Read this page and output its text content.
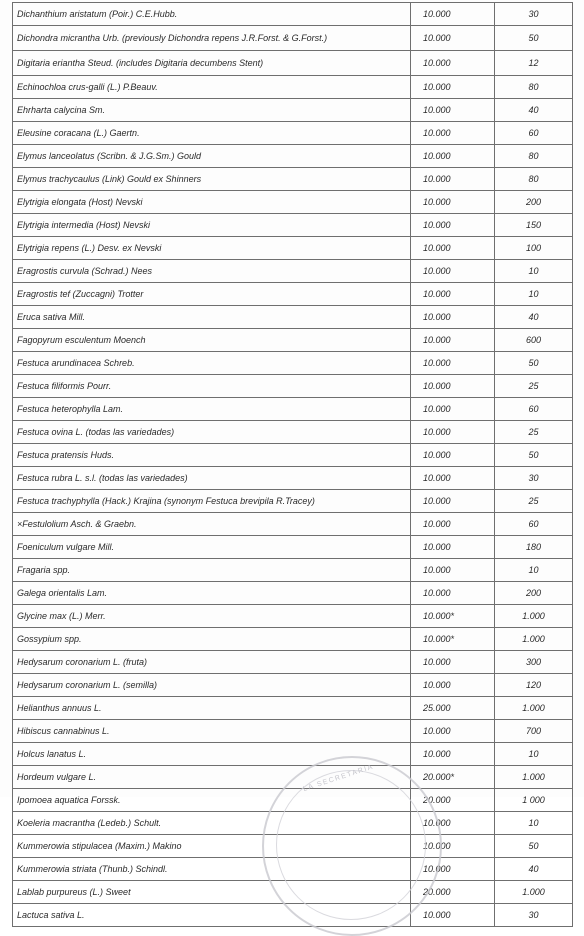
Dichanthium aristatum (Poir.) C.E.Hubb.	10.000	30
Dichondra micrantha Urb. (previously Dichondra repens J.R.Forst. & G.Forst.)	10.000	50
Digitaria eriantha Steud. (includes Digitaria decumbens Stent)	10.000	12
Echinochloa crus-galli (L.) P.Beauv.	10.000	80
Ehrharta calycina Sm.	10.000	40
Eleusine coracana (L.) Gaertn.	10.000	60
Elymus lanceolatus (Scribn. & J.G.Sm.) Gould	10.000	80
Elymus trachycaulus (Link) Gould ex Shinners	10.000	80
Elytrigia elongata (Host) Nevski	10.000	200
Elytrigia intermedia (Host) Nevski	10.000	150
Elytrigia repens (L.) Desv. ex Nevski	10.000	100
Eragrostis curvula (Schrad.) Nees	10.000	10
Eragrostis tef (Zuccagni) Trotter	10.000	10
Eruca sativa Mill.	10.000	40
Fagopyrum esculentum Moench	10.000	600
Festuca arundinacea Schreb.	10.000	50
Festuca filiformis Pourr.	10.000	25
Festuca heterophylla Lam.	10.000	60
Festuca ovina L. (todas las variedades)	10.000	25
Festuca pratensis Huds.	10.000	50
Festuca rubra L. s.l. (todas las variedades)	10.000	30
Festuca trachyphylla (Hack.) Krajina (synonym Festuca brevipila R.Tracey)	10.000	25
×Festulolium Asch. & Graebn.	10.000	60
Foeniculum vulgare Mill.	10.000	180
Fragaria spp.	10.000	10
Galega orientalis Lam.	10.000	200
Glycine max (L.) Merr.	10.000*	1.000
Gossypium spp.	10.000*	1.000
Hedysarum coronarium L. (fruta)	10.000	300
Hedysarum coronarium L. (semilla)	10.000	120
Helianthus annuus L.	25.000	1.000
Hibiscus cannabinus L.	10.000	700
Holcus lanatus L.	10.000	10
Hordeum vulgare L.	20.000*	1.000
Ipomoea aquatica Forssk.	20.000	1 000
Koeleria macrantha (Ledeb.) Schult.	10.000	10
Kummerowia stipulacea (Maxim.) Makino	10.000	50
Kummerowia striata (Thunb.) Schindl.	10.000	40
Lablab purpureus (L.) Sweet	20.000	1.000
Lactuca sativa L.	10.000	30
LA SECRETARIA
